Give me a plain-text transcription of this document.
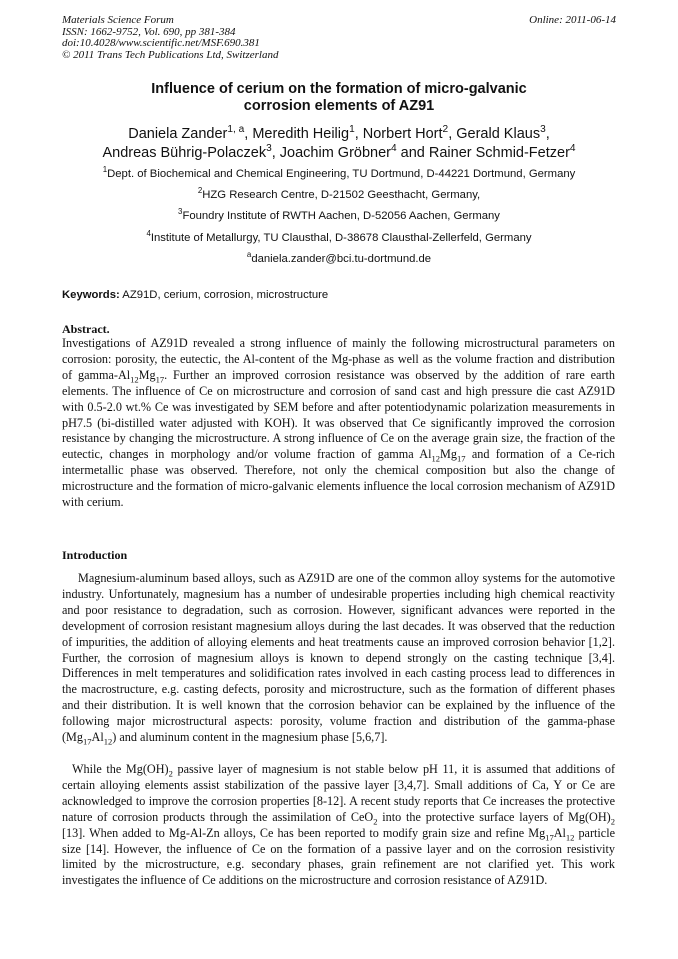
Materials Science Forum
ISSN: 1662-9752, Vol. 690, pp 381-384
doi:10.4028/www.scientific.net/MSF.690.381
© 2011 Trans Tech Publications Ltd, Switzerland
Online: 2011-06-14
Influence of cerium on the formation of micro-galvanic
corrosion elements of AZ91
Daniela Zander$^{1, a}$, Meredith Heilig$^1$, Norbert Hort$^2$, Gerald Klaus$^3$,
Andreas Bührig-Polaczek$^3$, Joachim Gröbner$^4$ and Rainer Schmid-Fetzer$^4$
$^1$Dept. of Biochemical and Chemical Engineering, TU Dortmund, D-44221 Dortmund, Germany
$^2$HZG Research Centre, D-21502 Geesthacht, Germany,
$^3$Foundry Institute of RWTH Aachen, D-52056 Aachen, Germany
$^4$Institute of Metallurgy, TU Clausthal, D-38678 Clausthal-Zellerfeld, Germany
$^a$daniela.zander@bci.tu-dortmund.de
Keywords: AZ91D, cerium, corrosion, microstructure
Abstract.
Investigations of AZ91D revealed a strong influence of mainly the following microstructural parameters on corrosion: porosity, the eutectic, the Al-content of the Mg-phase as well as the volume fraction and distribution of gamma-$Al_{12}Mg_{17}$. Further an improved corrosion resistance was observed by the addition of rare earth elements. The influence of Ce on microstructure and corrosion of sand cast and high pressure die cast AZ91D with 0.5-2.0 wt.% Ce was investigated by SEM before and after potentiodynamic polarization measurements in pH7.5 (bi-distilled water adjusted with KOH). It was observed that Ce significantly improved the corrosion resistance by changing the microstructure. A strong influence of Ce on the average grain size, the fraction of the eutectic, changes in morphology and/or volume fraction of gamma $Al_{12}Mg_{17}$ and formation of a Ce-rich intermetallic phase was observed. Therefore, not only the chemical composition but also the change of microstructure and the formation of micro-galvanic elements influence the local corrosion mechanism of AZ91D with cerium.
Introduction
Magnesium-aluminum based alloys, such as AZ91D are one of the common alloy systems for the automotive industry. Unfortunately, magnesium has a number of undesirable properties including high chemical reactivity and poor resistance to degradation, such as corrosion. However, significant advances were reported in the development of corrosion resistant magnesium alloys during the last decades. It was observed that the reduction of impurities, the addition of alloying elements and heat treatments cause an improved corrosion behavior [1,2]. Further, the corrosion of magnesium alloys is known to depend strongly on the casting technique [3,4]. Differences in melt temperatures and solidification rates involved in each casting process lead to differences in the macrostructure, e.g. casting defects, porosity and microstructure, such as the formation of different phases and their distribution. It is well known that the corrosion behavior can be explained by the influence of the following major microstructural aspects: porosity, volume fraction and distribution of the gamma-phase $(Mg_{17}Al_{12})$ and aluminum content in the magnesium phase [5,6,7].
While the $Mg(OH)_2$ passive layer of magnesium is not stable below pH 11, it is assumed that additions of certain alloying elements assist stabilization of the passive layer [3,4,7]. Small additions of Ca, Y or Ce are acknowledged to improve the corrosion properties [8-12]. A recent study reports that Ce increases the protective nature of corrosion products through the assimilation of CeO$_2$ into the protective surface layers of $Mg(OH)_2$ [13]. When added to Mg-Al-Zn alloys, Ce has been reported to modify grain size and refine $Mg_{17}Al_{12}$ particle size [14]. However, the influence of Ce on the formation of a passive layer and on the corrosion resistivity limited by the microstructure, e.g. secondary phases, grain refinement are not clarified yet. This work investigates the influence of Ce additions on the microstructure and corrosion resistance of AZ91D.
